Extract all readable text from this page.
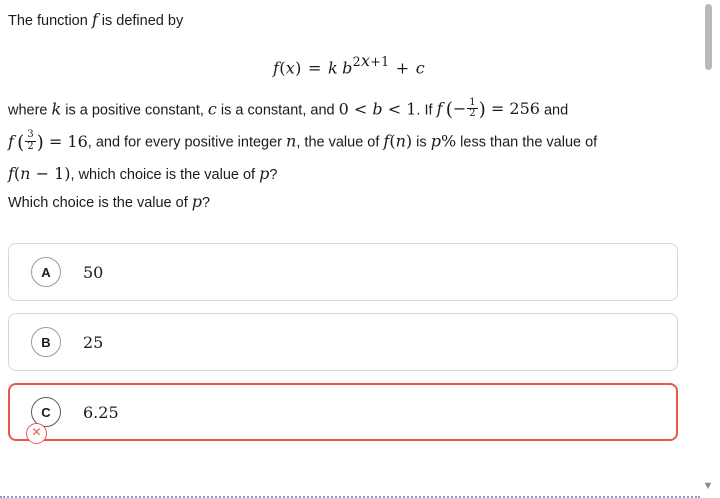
The function f is defined by

f(x) = k  $b^{2x+1} + c$

where k is a positive constant, c is a constant, and 0 < b < 1. If f  (− $\frac{1}{2}$ ) = 256 and

f  ( $\frac{3}{2}$ ) = 16, and for every positive integer n, the value of f(n) is p% less than the value of

f(n − 1), which choice is the value of p?

Which choice is the value of p?

A	50
B	25
C	6.25
✕
▼
